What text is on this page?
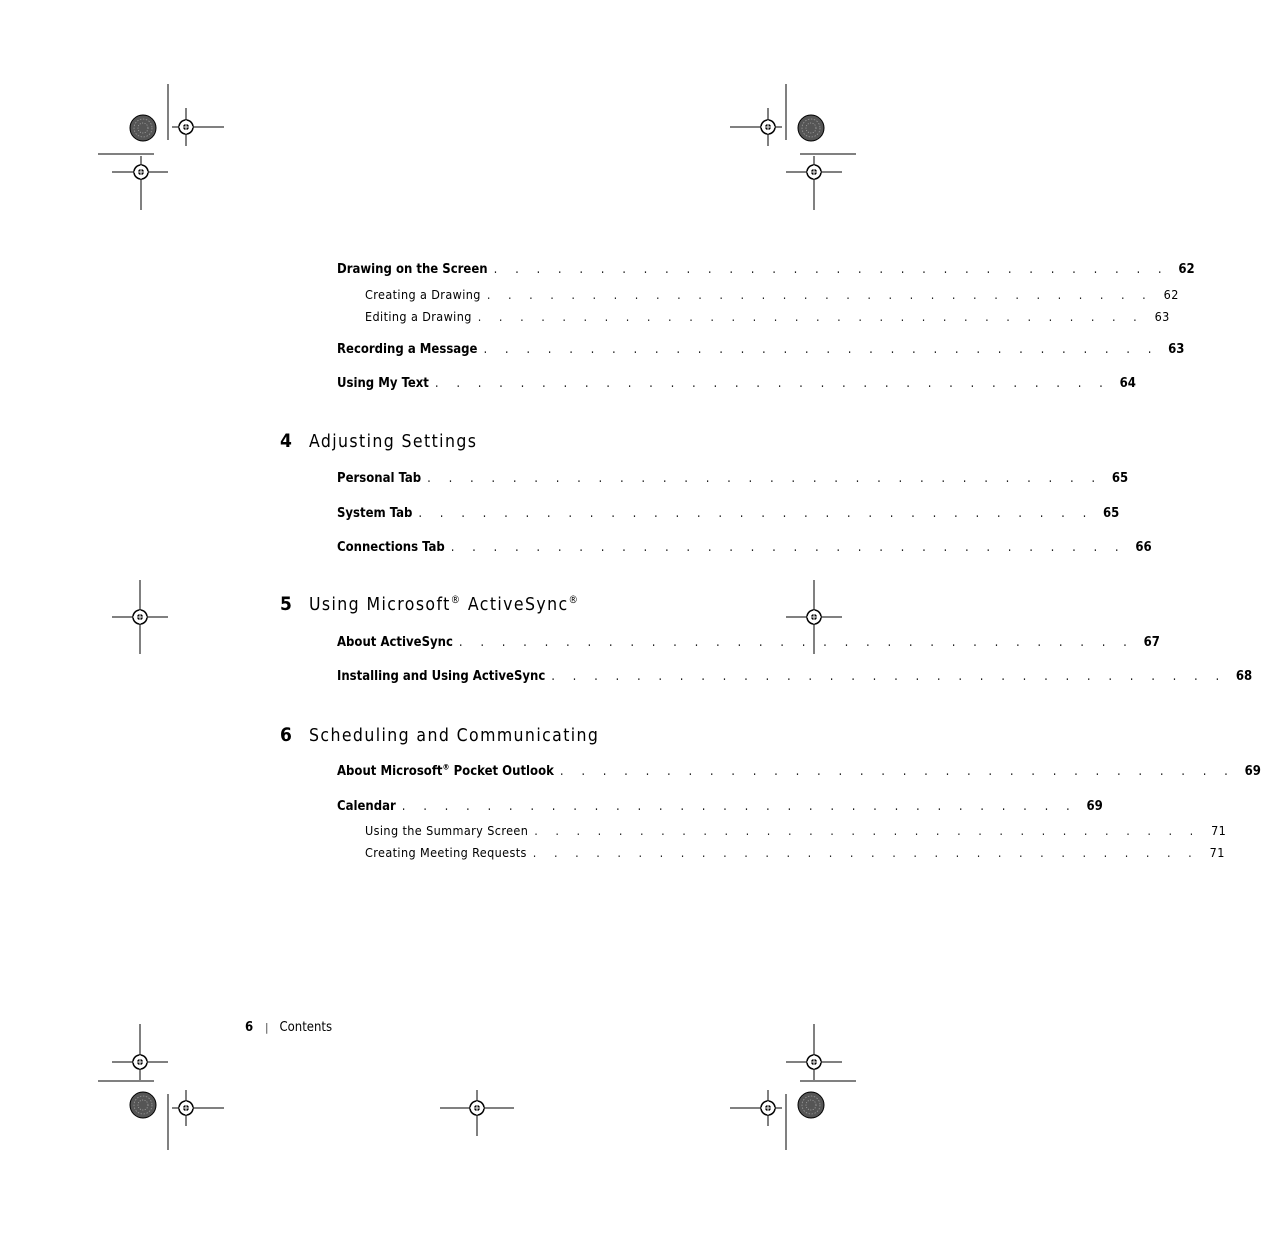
Drawing on the Screen . . . . . . . . . . . . . . . . . . . . . . . . . . . . . . . . 62
Creating a Drawing . . . . . . . . . . . . . . . . . . . . . . . . . . . . . . . . 62
Editing a Drawing . . . . . . . . . . . . . . . . . . . . . . . . . . . . . . . . 63
Recording a Message . . . . . . . . . . . . . . . . . . . . . . . . . . . . . . . . 63
Using My Text . . . . . . . . . . . . . . . . . . . . . . . . . . . . . . . . 64
4 Adjusting Settings
Personal Tab . . . . . . . . . . . . . . . . . . . . . . . . . . . . . . . . 65
System Tab . . . . . . . . . . . . . . . . . . . . . . . . . . . . . . . . 65
Connections Tab . . . . . . . . . . . . . . . . . . . . . . . . . . . . . . . . 66
5 Using Microsoft® ActiveSync®
About ActiveSync . . . . . . . . . . . . . . . . . . . . . . . . . . . . . . . . 67
Installing and Using ActiveSync . . . . . . . . . . . . . . . . . . . . . . . . . . . . . . . . 68
6 Scheduling and Communicating
About Microsoft® Pocket Outlook . . . . . . . . . . . . . . . . . . . . . . . . . . . . . . . . 69
Calendar . . . . . . . . . . . . . . . . . . . . . . . . . . . . . . . . 69
Using the Summary Screen . . . . . . . . . . . . . . . . . . . . . . . . . . . . . . . . 71
Creating Meeting Requests . . . . . . . . . . . . . . . . . . . . . . . . . . . . . . . . 71
6 | Contents
